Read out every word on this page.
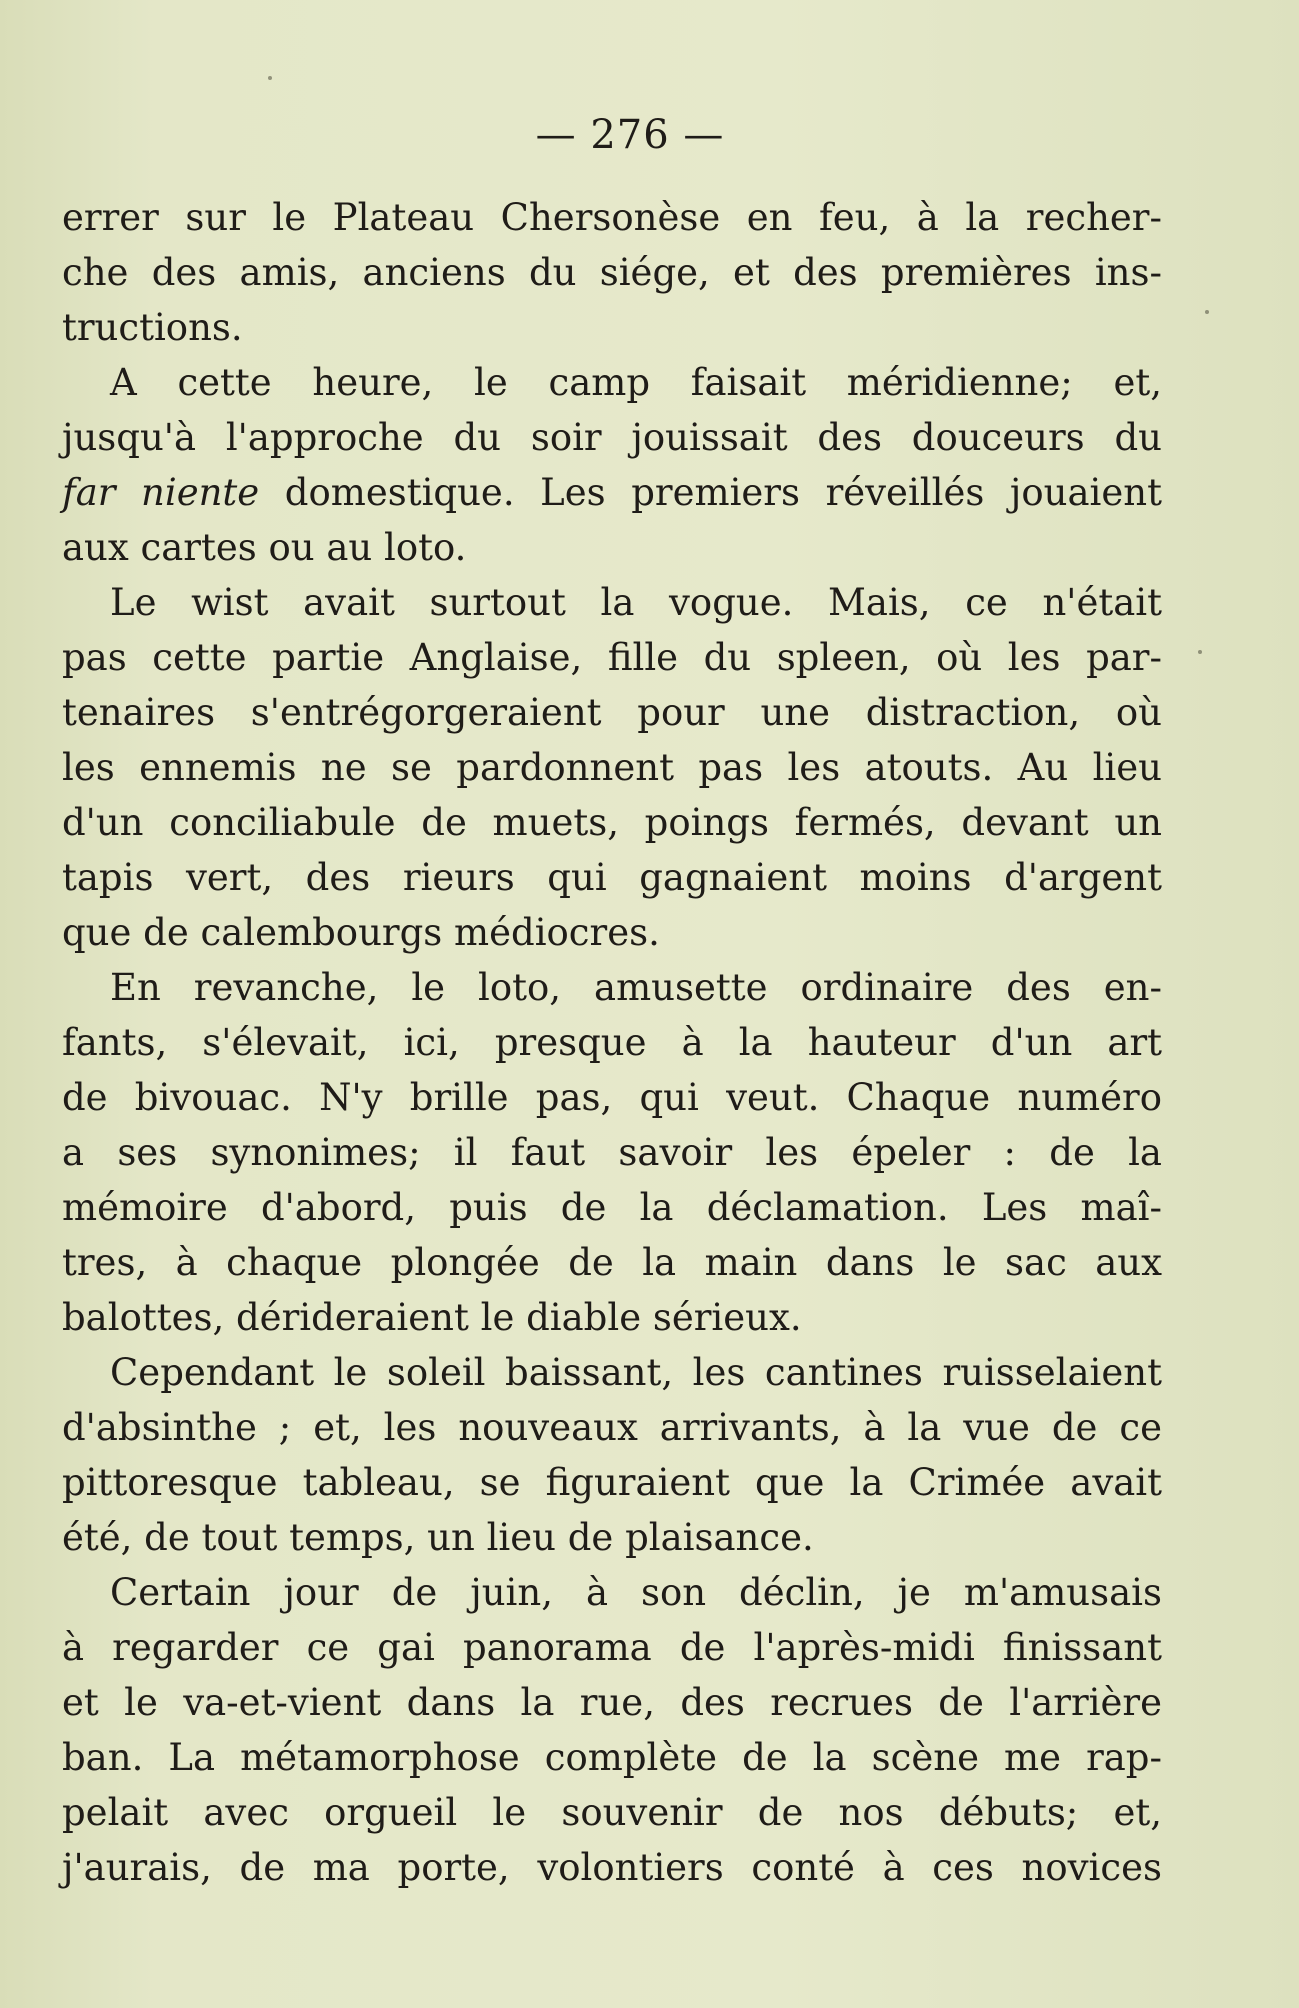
— 276 —
errer sur le Plateau Chersonèse en feu, à la recher-
che des amis, anciens du siége, et des premières ins-
tructions.
A cette heure, le camp faisait méridienne; et,
jusqu'à l'approche du soir jouissait des douceurs du
far niente domestique. Les premiers réveillés jouaient
aux cartes ou au loto.
Le wist avait surtout la vogue. Mais, ce n'était
pas cette partie Anglaise, fille du spleen, où les par-
tenaires s'entrégorgeraient pour une distraction, où
les ennemis ne se pardonnent pas les atouts. Au lieu
d'un conciliabule de muets, poings fermés, devant un
tapis vert, des rieurs qui gagnaient moins d'argent
que de calembourgs médiocres.
En revanche, le loto, amusette ordinaire des en-
fants, s'élevait, ici, presque à la hauteur d'un art
de bivouac. N'y brille pas, qui veut. Chaque numéro
a ses synonimes; il faut savoir les épeler : de la
mémoire d'abord, puis de la déclamation. Les maî-
tres, à chaque plongée de la main dans le sac aux
balottes, dérideraient le diable sérieux.
Cependant le soleil baissant, les cantines ruisselaient
d'absinthe ; et, les nouveaux arrivants, à la vue de ce
pittoresque tableau, se figuraient que la Crimée avait
été, de tout temps, un lieu de plaisance.
Certain jour de juin, à son déclin, je m'amusais
à regarder ce gai panorama de l'après-midi finissant
et le va-et-vient dans la rue, des recrues de l'arrière
ban. La métamorphose complète de la scène me rap-
pelait avec orgueil le souvenir de nos débuts; et,
j'aurais, de ma porte, volontiers conté à ces novices
